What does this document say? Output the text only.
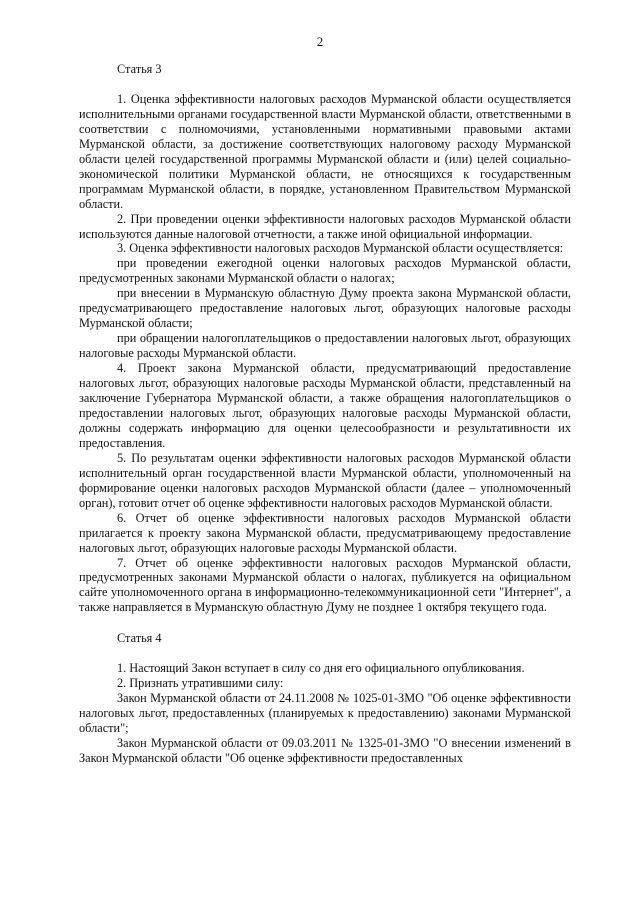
2
Статья 3

1. Оценка эффективности налоговых расходов Мурманской области осуществляется исполнительными органами государственной власти Мурманской области, ответственными в соответствии с полномочиями, установленными нормативными правовыми актами Мурманской области, за достижение соответствующих налоговому расходу Мурманской области целей государственной программы Мурманской области и (или) целей социально-экономической политики Мурманской области, не относящихся к государственным программам Мурманской области, в порядке, установленном Правительством Мурманской области.

2. При проведении оценки эффективности налоговых расходов Мурманской области используются данные налоговой отчетности, а также иной официальной информации.

3. Оценка эффективности налоговых расходов Мурманской области осуществляется:

при проведении ежегодной оценки налоговых расходов Мурманской области, предусмотренных законами Мурманской области о налогах;

при внесении в Мурманскую областную Думу проекта закона Мурманской области, предусматривающего предоставление налоговых льгот, образующих налоговые расходы Мурманской области;

при обращении налогоплательщиков о предоставлении налоговых льгот, образующих налоговые расходы Мурманской области.

4. Проект закона Мурманской области, предусматривающий предоставление налоговых льгот, образующих налоговые расходы Мурманской области, представленный на заключение Губернатора Мурманской области, а также обращения налогоплательщиков о предоставлении налоговых льгот, образующих налоговые расходы Мурманской области, должны содержать информацию для оценки целесообразности и результативности их предоставления.

5. По результатам оценки эффективности налоговых расходов Мурманской области исполнительный орган государственной власти Мурманской области, уполномоченный на формирование оценки налоговых расходов Мурманской области (далее – уполномоченный орган), готовит отчет об оценке эффективности налоговых расходов Мурманской области.

6. Отчет об оценке эффективности налоговых расходов Мурманской области прилагается к проекту закона Мурманской области, предусматривающему предоставление налоговых льгот, образующих налоговые расходы Мурманской области.

7. Отчет об оценке эффективности налоговых расходов Мурманской области, предусмотренных законами Мурманской области о налогах, публикуется на официальном сайте уполномоченного органа в информационно-телекоммуникационной сети "Интернет", а также направляется в Мурманскую областную Думу не позднее 1 октября текущего года.

Статья 4

1. Настоящий Закон вступает в силу со дня его официального опубликования.

2. Признать утратившими силу:

Закон Мурманской области от 24.11.2008 № 1025-01-ЗМО "Об оценке эффективности налоговых льгот, предоставленных (планируемых к предоставлению) законами Мурманской области";

Закон Мурманской области от 09.03.2011 № 1325-01-ЗМО "О внесении изменений в Закон Мурманской области "Об оценке эффективности предоставленных
